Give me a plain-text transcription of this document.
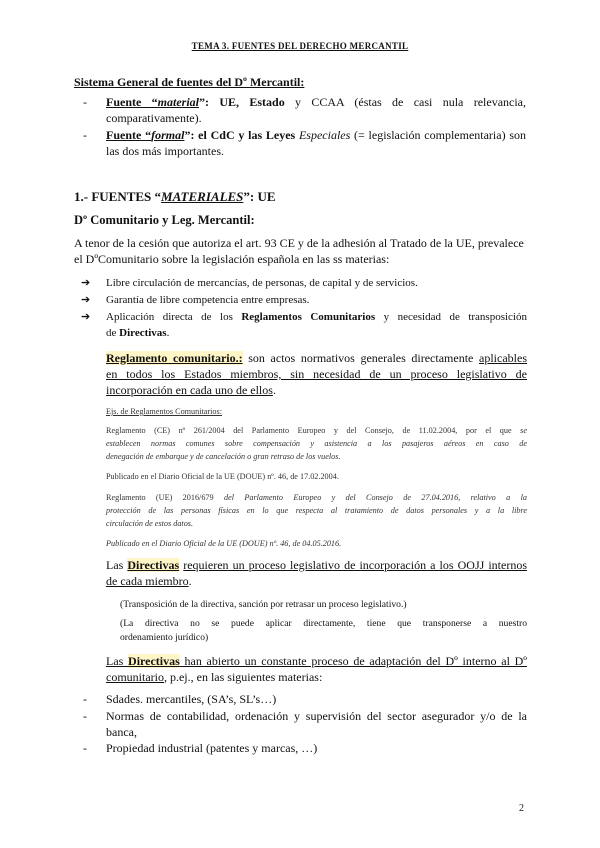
TEMA 3. FUENTES DEL DERECHO MERCANTIL
Sistema General de fuentes del Dº Mercantil:
- Fuente “material”: UE, Estado y CCAA (éstas de casi nula relevancia,
comparativamente).
- Fuente “formal”: el CdC y las Leyes Especiales (= legislación complementaria) son
las dos más importantes.
1.- FUENTES “MATERIALES”: UE
Dº Comunitario y Leg. Mercantil:
A tenor de la cesión que autoriza el art. 93 CE y de la adhesión al Tratado de la UE, prevalece
el DºComunitario sobre la legislación española en las ss materias:
➔ Libre circulación de mercancías, de personas, de capital y de servicios.
➔ Garantía de libre competencia entre empresas.
➔ Aplicación directa de los Reglamentos Comunitarios y necesidad de transposición
de Directivas.
Reglamento comunitario.: son actos normativos generales directamente aplicables
en todos los Estados miembros, sin necesidad de un proceso legislativo de
incorporación en cada uno de ellos.
Ejs. de Reglamentos Comunitarios:
Reglamento (CE) nº 261/2004 del Parlamento Europeo y del Consejo, de 11.02.2004, por el que se
establecen normas comunes sobre compensación y asistencia a los pasajeros aéreos en caso de
denegación de embarque y de cancelación o gran retraso de los vuelos.
Publicado en el Diario Oficial de la UE (DOUE) nº. 46, de 17.02.2004.
Reglamento (UE) 2016/679 del Parlamento Europeo y del Consejo de 27.04.2016, relativo a la
protección de las personas físicas en lo que respecta al tratamiento de datos personales y a la libre
circulación de estos datos.
Publicado en el Diario Oficial de la UE (DOUE) nº. 46, de 04.05.2016.
Las Directivas requieren un proceso legislativo de incorporación a los OOJJ internos
de cada miembro.
(Transposición de la directiva, sanción por retrasar un proceso legislativo.)
(La directiva no se puede aplicar directamente, tiene que transponerse a nuestro
ordenamiento jurídico)
Las Directivas han abierto un constante proceso de adaptación del Dº interno al Dº
comunitario, p.ej., en las siguientes materias:
- Sdades. mercantiles, (SA’s, SL’s…)
- Normas de contabilidad, ordenación y supervisión del sector asegurador y/o de la
banca,
- Propiedad industrial (patentes y marcas, …)
2
